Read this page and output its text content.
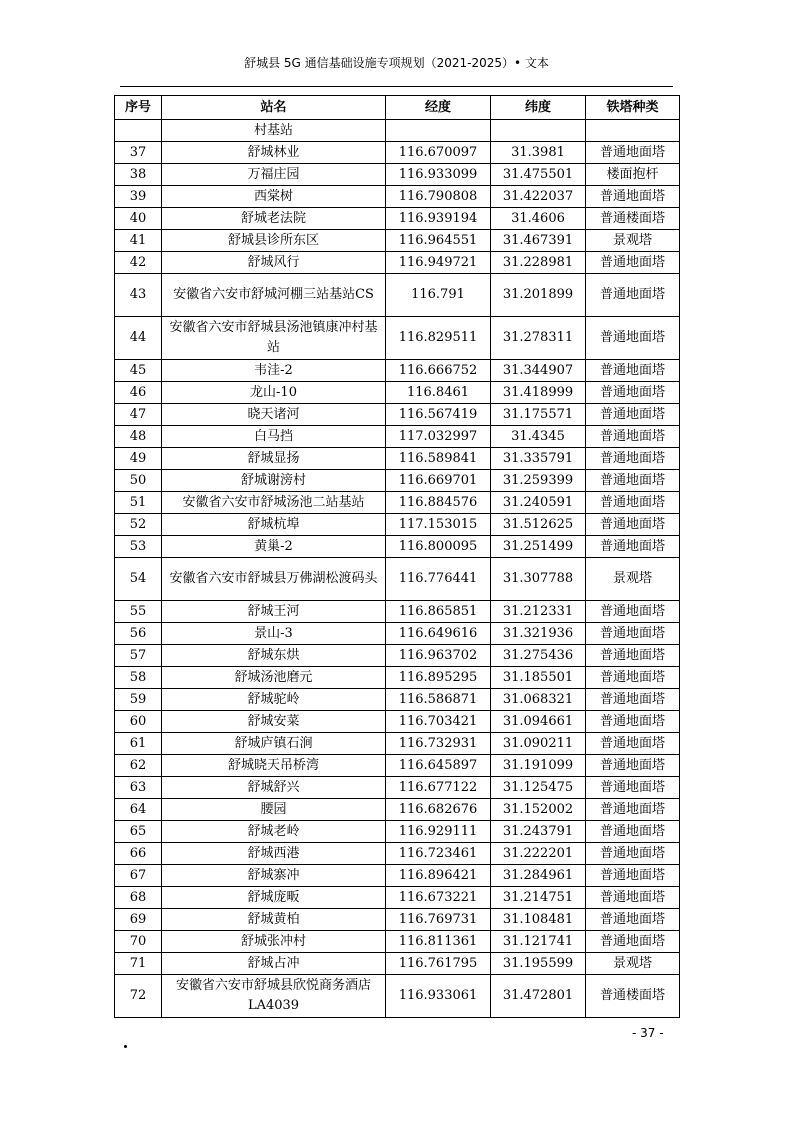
舒城县 5G 通信基础设施专项规划（2021-2025）• 文本
序号	站名	经度	纬度	铁塔种类
	村基站			
37	舒城林业	116.670097	31.3981	普通地面塔
38	万福庄园	116.933099	31.475501	楼面抱杆
39	西棠树	116.790808	31.422037	普通地面塔
40	舒城老法院	116.939194	31.4606	普通楼面塔
41	舒城县诊所东区	116.964551	31.467391	景观塔
42	舒城风行	116.949721	31.228981	普通地面塔
43	安徽省六安市舒城河棚三站基站CS	116.791	31.201899	普通地面塔
44	安徽省六安市舒城县汤池镇康冲村基站	116.829511	31.278311	普通地面塔
45	韦洼-2	116.666752	31.344907	普通地面塔
46	龙山-10	116.8461	31.418999	普通地面塔
47	晓天诸河	116.567419	31.175571	普通地面塔
48	白马挡	117.032997	31.4345	普通地面塔
49	舒城显扬	116.589841	31.335791	普通地面塔
50	舒城谢滂村	116.669701	31.259399	普通地面塔
51	安徽省六安市舒城汤池二站基站	116.884576	31.240591	普通地面塔
52	舒城杭埠	117.153015	31.512625	普通地面塔
53	黄巢-2	116.800095	31.251499	普通地面塔
54	安徽省六安市舒城县万佛湖松渡码头	116.776441	31.307788	景观塔
55	舒城王河	116.865851	31.212331	普通地面塔
56	景山-3	116.649616	31.321936	普通地面塔
57	舒城东烘	116.963702	31.275436	普通地面塔
58	舒城汤池磨元	116.895295	31.185501	普通地面塔
59	舒城驼岭	116.586871	31.068321	普通地面塔
60	舒城安菜	116.703421	31.094661	普通地面塔
61	舒城庐镇石涧	116.732931	31.090211	普通地面塔
62	舒城晓天吊桥湾	116.645897	31.191099	普通地面塔
63	舒城舒兴	116.677122	31.125475	普通地面塔
64	腰园	116.682676	31.152002	普通地面塔
65	舒城老岭	116.929111	31.243791	普通地面塔
66	舒城西港	116.723461	31.222201	普通地面塔
67	舒城寨冲	116.896421	31.284961	普通地面塔
68	舒城庞畈	116.673221	31.214751	普通地面塔
69	舒城黄柏	116.769731	31.108481	普通地面塔
70	舒城张冲村	116.811361	31.121741	普通地面塔
71	舒城占冲	116.761795	31.195599	景观塔
72	安徽省六安市舒城县欣悦商务酒店 LA4039	116.933061	31.472801	普通楼面塔
- 37 -
